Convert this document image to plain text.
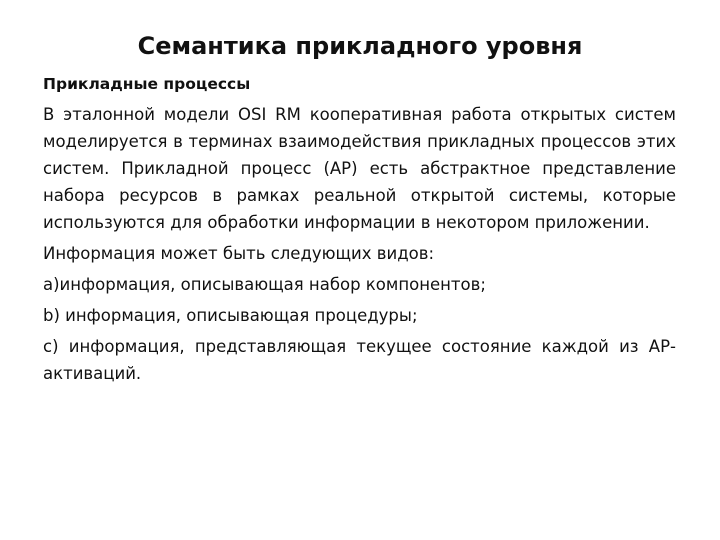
Семантика прикладного уровня

Прикладные процессы

В эталонной модели OSI RM кооперативная работа открытых систем моделируется в терминах взаимодействия прикладных процессов этих систем. Прикладной процесс (АР) есть абстрактное представление набора ресурсов в рамках реальной открытой системы, которые используются для обработки информации в некотором приложении.

Информация может быть следующих видов:

а)информация, описывающая набор компонентов;

b) информация, описывающая процедуры;

c) информация, представляющая текущее состояние каждой из АР-активаций.
